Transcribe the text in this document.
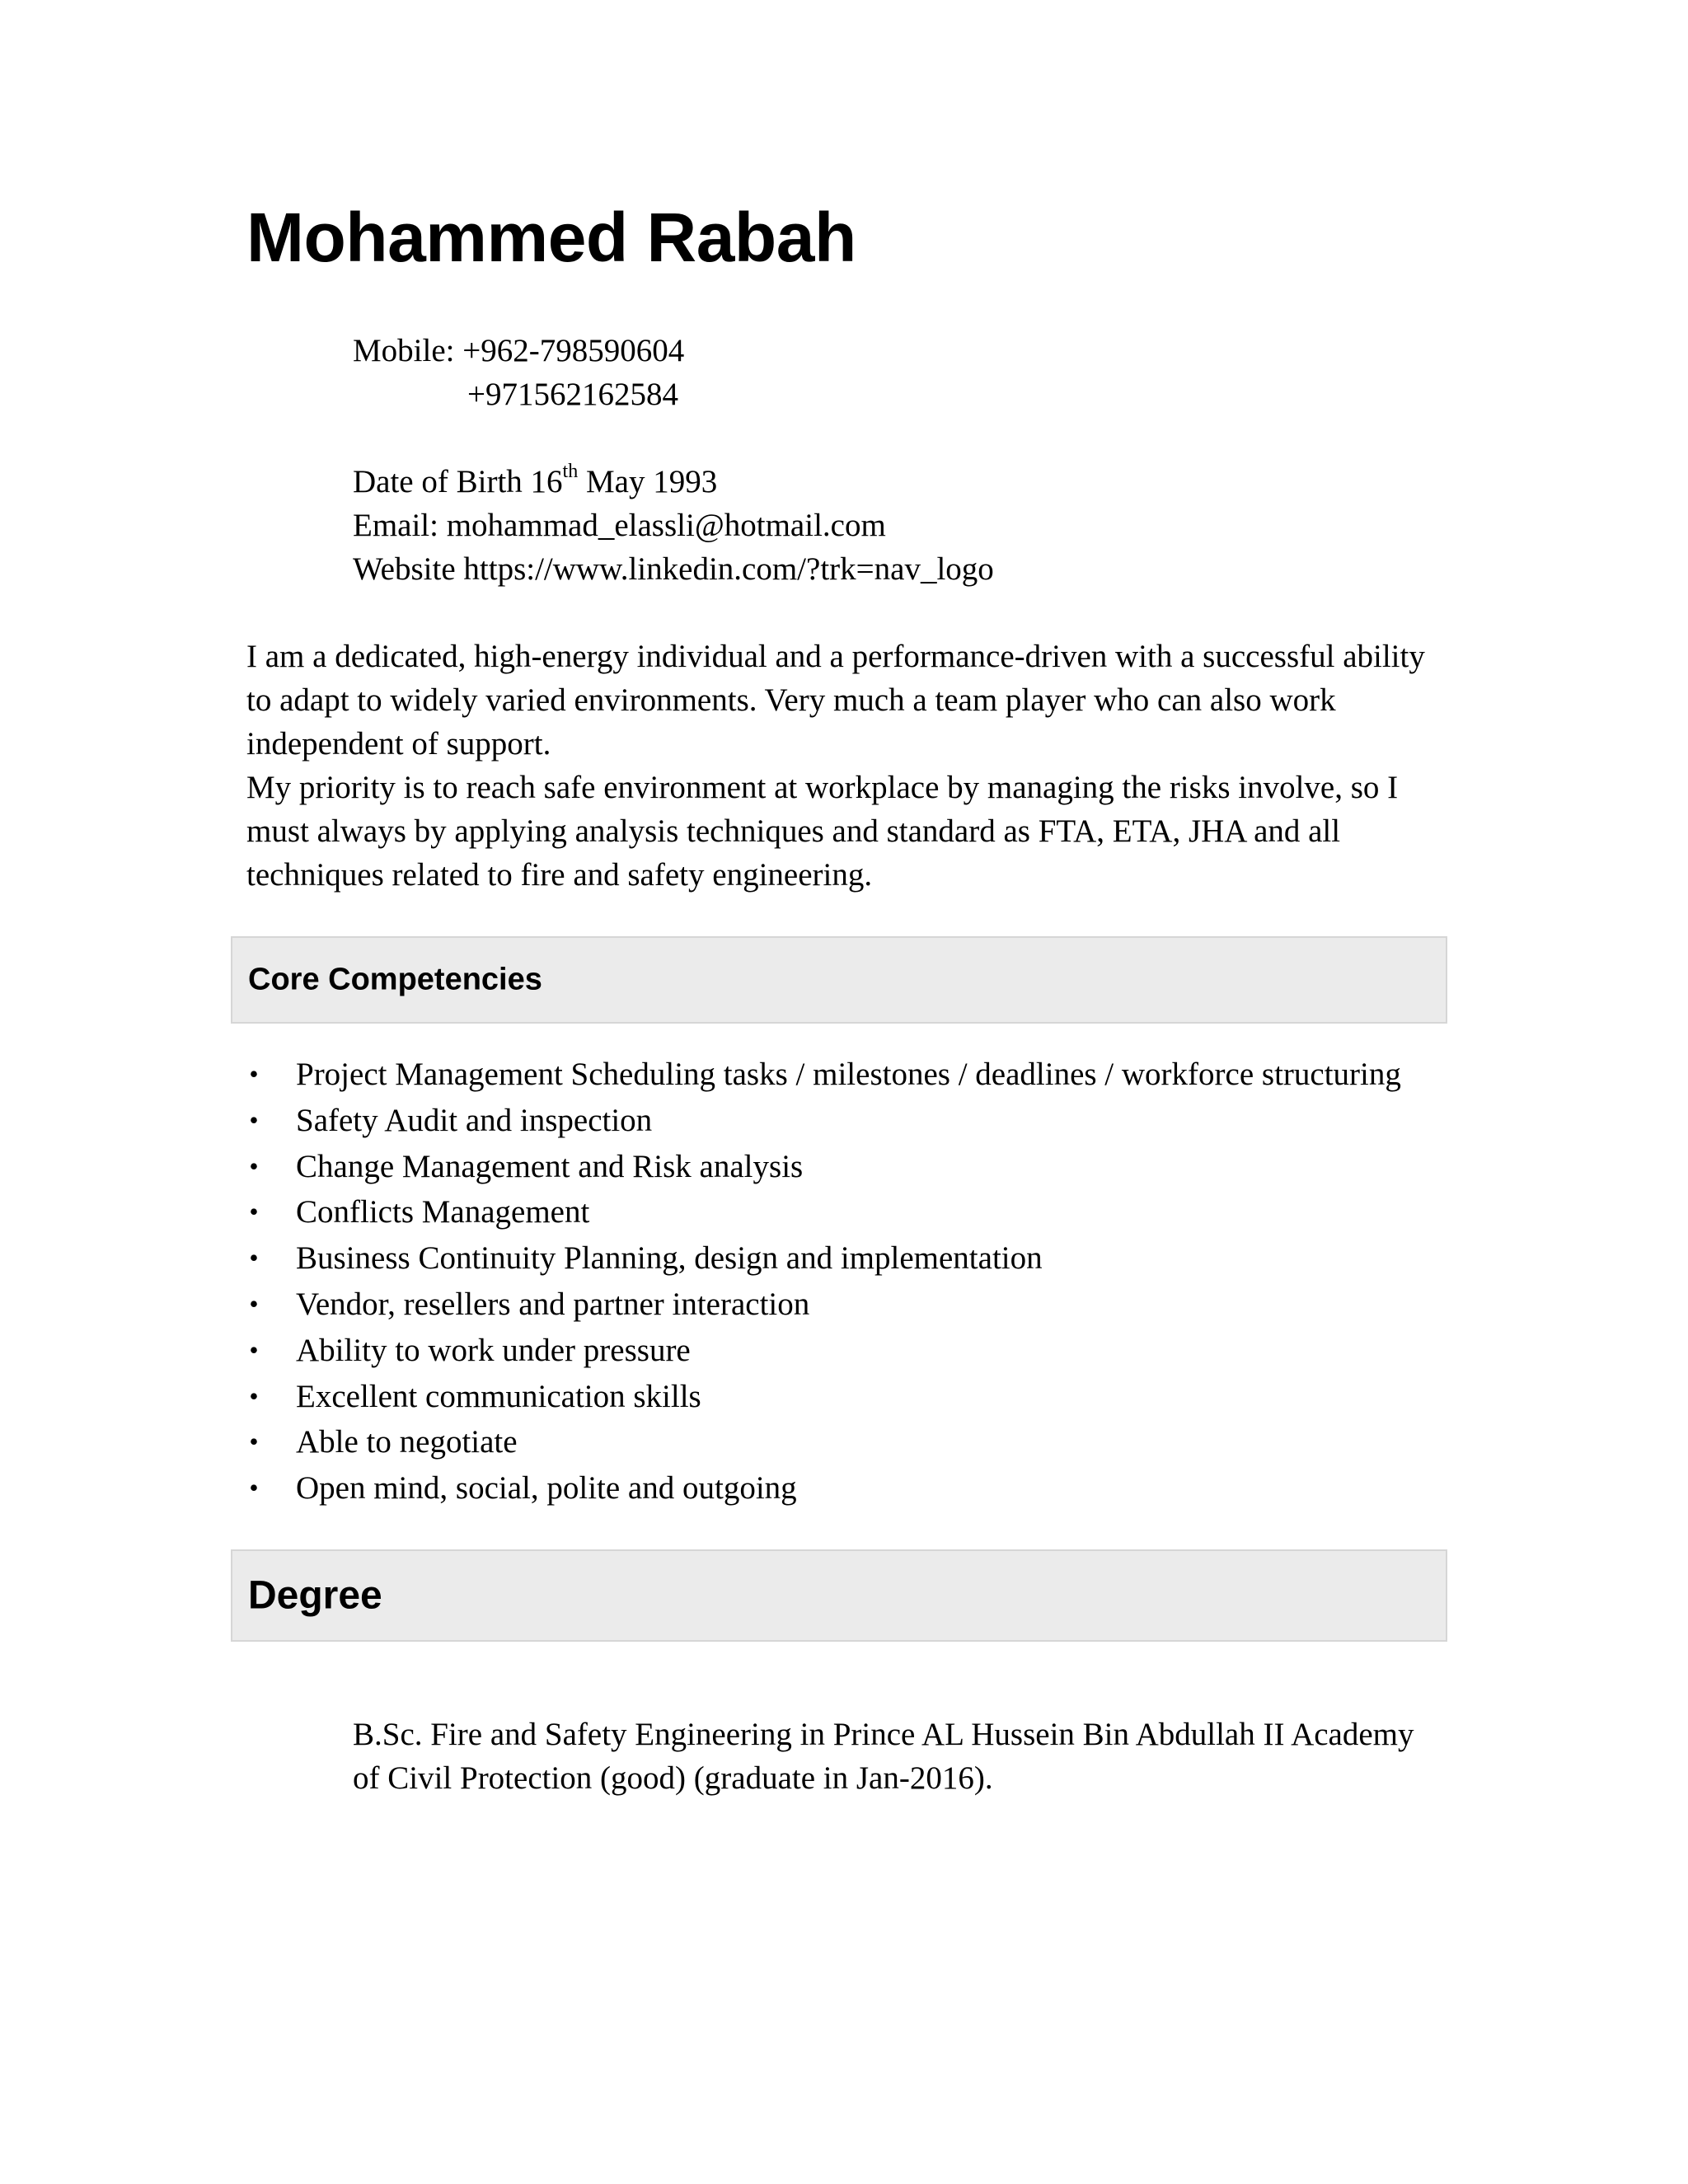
Mohammed Rabah
Mobile: +962-798590604
+971562162584
Date of Birth 16th May 1993
Email: mohammad_elassli@hotmail.com
Website https://www.linkedin.com/?trk=nav_logo

I am a dedicated, high-energy individual and a performance-driven with a successful ability to adapt to widely varied environments. Very much a team player who can also work independent of support.

My priority is to reach safe environment at workplace by managing the risks involve, so I must always by applying analysis techniques and standard as FTA, ETA, JHA and all techniques related to fire and safety engineering.

Core Competencies
• Project Management Scheduling tasks / milestones / deadlines / workforce structuring
• Safety Audit and inspection
• Change Management and Risk analysis
• Conflicts Management
• Business Continuity Planning, design and implementation
• Vendor, resellers and partner interaction
• Ability to work under pressure
• Excellent communication skills
• Able to negotiate
• Open mind, social, polite and outgoing
Degree

B.Sc. Fire and Safety Engineering in Prince AL Hussein Bin Abdullah II Academy of Civil Protection (good) (graduate in Jan-2016).
